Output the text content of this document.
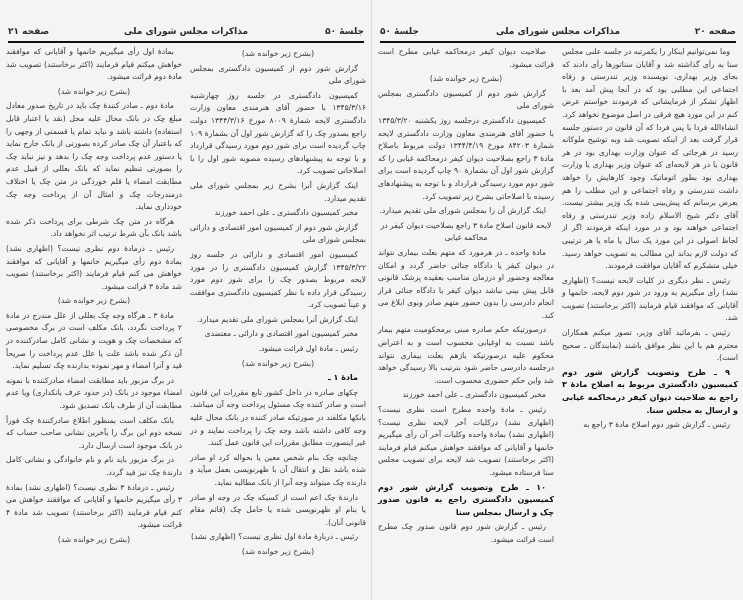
جلسهٔ ۵۰
مذاکرات مجلس شورای ملی
صفحه ۲۱

(بشرح زیر خوانده شد)

گزارش شور دوم از کمیسیون دادگستری بمجلس شورای ملی

کمیسیون دادگستری در جلسه روز چهارشنبه ۱۳۴۵/۳/۱۶ با حضور آقای هنرمندی معاون وزارت دادگستری لایحه شمارهٔ ۸۰۰۹ مورخ ۱۳۴۴/۳/۱۶ دولت راجع بصدور چک را که گزارش شور اول آن بشمارهٔ ۱۰۹ چاپ گردیده است برای شور دوم مورد رسیدگی قرارداد و با توجه به پیشنهادهای رسیده مصوبه شور اول را با اصلاحاتی تصویب کرد.

اینک گزارش آنرا بشرح زیر بمجلس شورای ملی تقدیم میدارد.

مخبر کمیسیون دادگستری ـ علی احمد خورزند

گزارش شور دوم از کمیسیون امور اقتصادی و دارائی بمجلس شورای ملی

کمیسیون امور اقتصادی و دارائی در جلسه روز ۱۳۴۵/۳/۲۲ گزارش کمیسیون دادگستری را در مورد لایحه مربوط بصدور چک را برای شور دوم مورد رسیدگی قرار داده با نظر کمیسیون دادگستری موافقت و عیناً تصویب کرد.

اینک گزارش آنرا بمجلس شورای ملی تقدیم میدارد.

مخبر کمیسیون امور اقتصادی و دارائی ـ معتضدی

رئیس ـ مادهٔ اول قرائت میشود.

(بشرح زیر خوانده شد)

مادهٔ ۱ ـ

چکهای صادره در داخل کشور تابع مقررات این قانون است و صادر کننده چک مسئول پرداخت وجه آن میباشد. بانکها مکلفند در صورتیکه صادر کننده در بانک محال علیه وجه کافی داشته باشد وجه چک را پرداخت نمایند و در غیر اینصورت مطابق مقررات این قانون عمل کنند.

چنانچه چک بنام شخص معین یا بحواله کرد او صادر شده باشد نقل و انتقال آن با ظهرنویسی بعمل میآید و دارنده چک میتواند وجه آنرا از بانک مطالبه نماید.

دارندهٔ چک اعم است از کسیکه چک در وجه او صادر یا بنام او ظهرنویسی شده یا حامل چک (قائم مقام قانونی آنان).

رئیس ـ دربارهٔ مادهٔ اول نظری نیست؟ (اظهاری نشد)

(بشرح زیر خوانده شد)

بمادهٔ اول رأی میگیریم خانمها و آقایانی که موافقند خواهش میکنم قیام فرمایند (اکثر برخاستند) تصویب شد مادهٔ دوم قرائت میشود.

(بشرح زیر خوانده شد)

مادهٔ دوم ـ صادر کنندهٔ چک باید در تاریخ صدور معادل مبلغ چک در بانک محال علیه محل (نقد یا اعتبار قابل استفاده) داشته باشد و نباید تمام یا قسمتی از وجهی را که باعتبار آن چک صادر کرده بصورتی از بانک خارج نماید یا دستور عدم پرداخت وجه چک را بدهد و نیز نباید چک را بصورتی تنظیم نماید که بانک بعللی از قبیل عدم مطابقت امضاء یا قلم خوردگی در متن چک یا اختلاف درمندرجات چک و امثال آن از پرداخت وجه چک خودداری نماید.

هرگاه در متن چک شرطی برای پرداخت ذکر شده باشد بانک بآن شرط ترتیب اثر نخواهد داد.

رئیس ـ درمادهٔ دوم نظری نیست؟ (اظهاری نشد) بمادهٔ دوم رأی میگیریم خانمها و آقایانی که موافقند خواهش می کنم قیام فرمایند (اکثر برخاستند) تصویب شد مادهٔ ۳ قرائت میشود.

(بشرح زیر خوانده شد)

مادهٔ ۳ ـ هرگاه وجه چک بعللی از علل مندرج در مادهٔ ۲ پرداخت نگردد، بانک مکلف است در برگ مخصوصی که مشخصات چک و هویت و نشانی کامل صادرکننده در آن ذکر شده باشد علت یا علل عدم پرداخت را صریحاً قید و آنرا امضاء و مهر نموده بدارنده چک تسلیم نماید.

در برگ مزبور باید مطابقت امضاء صادرکننده با نمونه امضاء موجود در بانک (در حدود عرف بانکداری) ویا عدم مطابقت آن از طرف بانک تصدیق شود.

بانک مکلف است بمنظور اطلاع صادرکنندهٔ چک فوراً نسخه دوم این برگ را بآخرین نشانی صاحب حساب که در بانک موجود است ارسال دارد.

در برگ مزبور باید نام و نام خانوادگی و نشانی کامل دارندهٔ چک نیز قید گردد.

رئیس ـ درمادهٔ ۳ نظری نیست؟ (اظهاری نشد) بمادهٔ ۳ رأی میگیریم خانمها و آقایانی که موافقند خواهش می کنم قیام فرمایند (اکثر برخاستند) تصویب شد مادهٔ ۴ قرائت میشود.

(بشرح زیر خوانده شد)

جلسهٔ ۵۰	مذاکرات مجلس شورای ملی	صفحه ۲۰

وما نمی‌توانیم اینکار را یکمرتبه در جلسه علنی مجلس سنا به رأی گذاشته شد و آقایان سناتورها رأی دادند که بجای وزیر بهداری، نویسنده وزیر تندرستی و رفاه اجتماعی این مطلبی بود که در آنجا پیش آمد بعد با اظهار تشکر از فرمایشاتی که فرمودند خواستم عرض کنم در این مورد هیچ فرقی در اصل موضوع نخواهد کرد. انشاءالله فردا یا پس فردا که آن قانون در دستور جلسه قرار گرفت بعد از اینکه تصویب شد وبه توشیح ملوکانه رسید در هرجائی که عنوان وزارت بهداری بود در هر قانون یا در هر لایحه‌ای که عنوان وزیر بهداری یا وزارت بهداری بود بطور اتوماتیک وجود کارهایش را خواهد داشت تندرستی و رفاه اجتماعی و این مطلب را هم بعرض برسانم که پیش‌بینی شده یک وزیر بیشتر نیست. آقای دکتر شیخ الاسلام زاده وزیر تندرستی و رفاه اجتماعی خواهند بود و در مورد اینکه فرمودند اگر از لحاظ اصولی در این مورد یک سال یا ماه یا هر ترتیبی که دولت لازم بداند این مطالب به تصویب خواهد رسید. خیلی متشکرم که آقایان موافقت فرمودند.

رئیس ـ نظر دیگری در کلیات لایحه نیست؟ (اظهاری نشد) رأی میگیریم به ورود در شور دوم لایحه، خانمها و آقایانی که موافقند قیام فرمایند (اکثر برخاستند) تصویب شد.

رئیس ـ بفرمائید آقای وزیر، تصور میکنم همکاران محترم هم با این نظر موافق باشند (نمایندگان ـ صحیح است).

۹ ـ طرح وتصویب گزارش شور دوم کمیسیون دادگستری مربوط به اصلاح مادهٔ ۳ راجع به صلاحیت دیوان کیفر درمحاکمه غیابی و ارسال به مجلس سنا.

رئیس ـ گزارش شور دوم اصلاح مادهٔ ۳ راجع به

صلاحیت دیوان کیفر درمحاکمه غیابی مطرح است قرائت میشود.

(بشرح زیر خوانده شد)

گزارش شور دوم از کمیسیون دادگستری بمجلس شورای ملی

کمیسیون دادگستری درجلسه روز یکشنبه ۱۳۴۵/۳/۲۰ با حضور آقای هنرمندی معاون وزارت دادگستری لایحه شمارهٔ ۸۴۲۰۳ مورخ ۱۳۴۴/۴/۱۹ دولت مربوط باصلاح مادهٔ ۳ راجع بصلاحیت دیوان کیفر درمحاکمه غیابی را که گزارش شور اول آن بشمارهٔ ۹۰ چاپ گردیده است برای شور دوم مورد رسیدگی قرارداد و با توجه به پیشنهادهای رسیده با اصلاحاتی بشرح زیر تصویب کرد.

اینک گزارش آن را بمجلس شورای ملی تقدیم میدارد.

لایحه قانون اصلاح مادهٔ ۳ راجع بصلاحیت دیوان کیفر در محاکمه غیابی

مادهٔ واحده ـ در هرمورد که متهم بعلت بیماری نتواند در دیوان کیفر یا دادگاه جنائی حاضر گردد و امکان معالجه وحضور او درزمان مناسب بعقیده پزشک قانونی قابل پیش بینی نباشد دیوان کیفر یا دادگاه جنائی قرار انجام دادرسی را بدون حضور متهم صادر وبوی ابلاغ می کند.

درصورتیکه حکم صادره مبنی برمحکومیت متهم بیمار باشد نسبت به اوغیابی محسوب است و به اعتراض محکوم علیه درصورتیکه بازهم بعلت بیماری نتواند درجلسه دادرسی حاضر شود بترتیب بالا رسیدگی خواهد شد واین حکم حضوری محسوب است.

مخبر کمیسیون دادگستری ـ علی احمد خورزند

رئیس ـ مادهٔ واحده مطرح است نظری نیست؟ (اظهاری نشد) درکلیات آخر لایحه نظری نیست؟ (اظهاری نشد) بمادهٔ واحده وکلیات آخر آن رأی میگیریم خانمها و آقایانی که موافقند خواهش میکنم قیام فرمایند (اکثر برخاستند) تصویب شد لایحه برای تصویب مجلس سنا فرستاده میشود.

۱۰ ـ طرح وتصویب گزارش شور دوم کمیسیون دادگستری راجع به قانون صدور چک و ارسال بمجلس سنا

رئیس ـ گزارش شور دوم قانون صدور چک مطرح است قرائت میشود.
